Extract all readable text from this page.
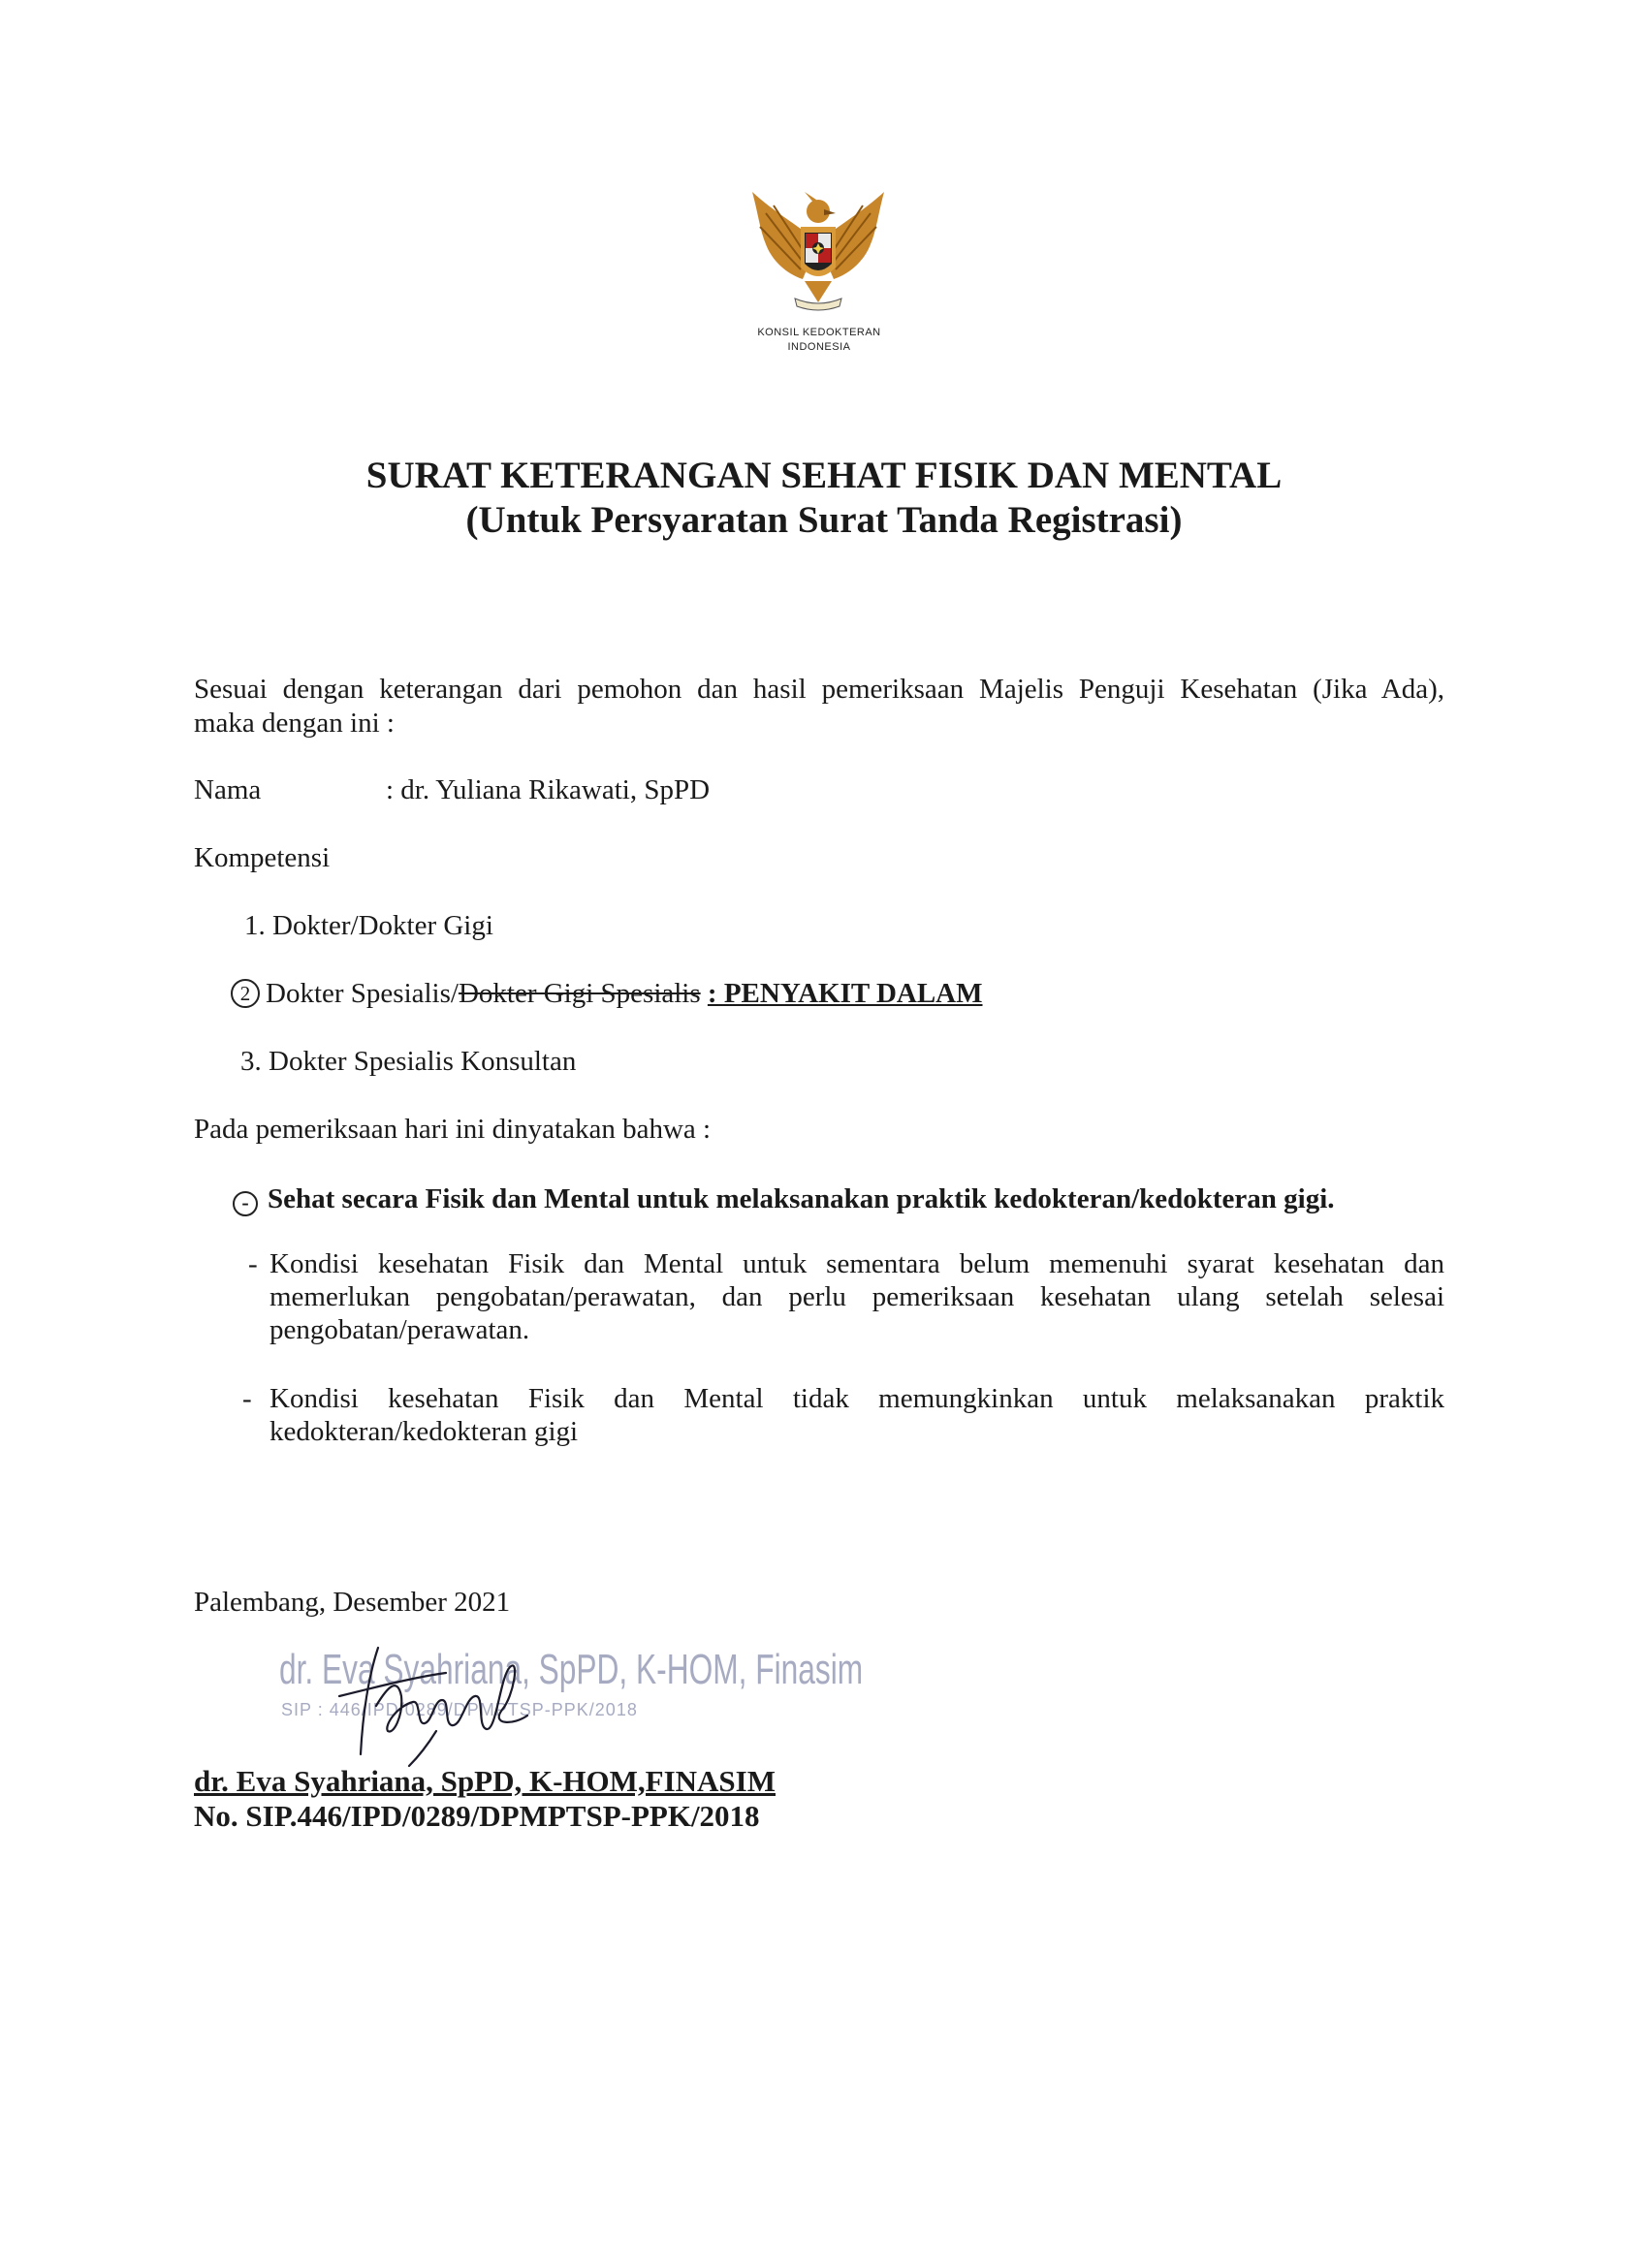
KONSIL KEDOKTERAN
INDONESIA
SURAT KETERANGAN SEHAT FISIK DAN MENTAL
(Untuk Persyaratan Surat Tanda Registrasi)
Sesuai dengan keterangan dari pemohon dan hasil pemeriksaan Majelis Penguji Kesehatan (Jika Ada),
maka dengan ini :
Nama	: dr. Yuliana Rikawati, SpPD
Kompetensi
1. Dokter/Dokter Gigi
2 Dokter Spesialis/Dokter Gigi Spesialis : PENYAKIT DALAM
3. Dokter Spesialis Konsultan
Pada pemeriksaan hari ini dinyatakan bahwa :
- Sehat secara Fisik dan Mental untuk melaksanakan praktik kedokteran/kedokteran gigi.
- Kondisi kesehatan Fisik dan Mental untuk sementara belum memenuhi syarat kesehatan dan
memerlukan pengobatan/perawatan, dan perlu pemeriksaan kesehatan ulang setelah selesai
pengobatan/perawatan.
- Kondisi kesehatan Fisik dan Mental tidak memungkinkan untuk melaksanakan praktik
kedokteran/kedokteran gigi
Palembang, Desember 2021
dr. Eva Syahriana, SpPD, K-HOM, Finasim
SIP : 446/IPD/0289/DPMPTSP-PPK/2018
dr. Eva Syahriana, SpPD, K-HOM,FINASIM
No. SIP.446/IPD/0289/DPMPTSP-PPK/2018
